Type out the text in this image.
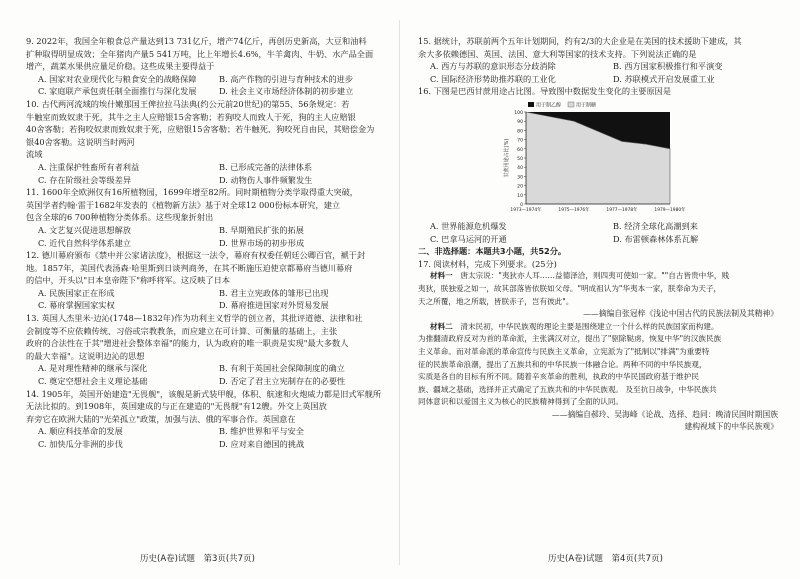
9. 2022年，我国全年粮食总产量达到13 731亿斤，增产74亿斤，再创历史新高，大豆和油料

扩种取得明显成效；全年猪肉产量5 541万吨，比上年增长4.6%，牛羊禽肉、牛奶、水产品全面

增产，蔬菜水果供应量足价稳。这些成果主要得益于

A. 国家对农业现代化与粮食安全的战略保障	B. 高产作物的引进与育种技术的进步
C. 家庭联产承包责任制全面推行与深化发展	D. 社会主义市场经济体制的初步建立

10. 古代两河流域的埃什嫩那国王俾拉拉马法典(约公元前20世纪)的第55、56条规定：若

牛触室而致奴隶于死，其牛之主人应赔银15舍客勒；若狗咬人而致人于死，狗的主人应赔银

40舍客勒；若狗咬奴隶而致奴隶于死，应赔银15舍客勒；若牛触死、狗咬死自由民，其赔偿金为银40舍客勒。这说明当时两河

流域

A. 注重保护牲畜所有者利益	B. 已形成完备的法律体系
C. 存在阶级社会等级差异	D. 动物伤人事件频繁发生

11. 1600年全欧洲仅有16所植物园，1699年增至82所。同时期植物分类学取得重大突破，

英国学者约翰·雷于1682年发表的《植物新方法》基于对全球12 000份标本研究，建立

包含全球的6 700种植物分类体系。这些现象折射出

A. 文艺复兴促进思想解放	B. 早期殖民扩张的拓展
C. 近代自然科学体系建立	D. 世界市场的初步形成

12. 德川幕府颁布《禁中并公家诸法度》，根据这一法令，幕府有权委任朝廷公卿百官，褫于封

地。1857年，美国代表汤森·哈里斯到日谈判商务，在其不断施压迫使京都幕府当德川幕府

的信中，开头以"日本皇帝陛下"称呼将军。这反映了日本

A. 民族国家正在形成	B. 君主立宪政体的雏形已出现
C. 幕府掌握国家实权	D. 幕府推进国家对外贸易发展

13. 英国人杰里米·边沁(1748—1832年)作为功利主义哲学的创立者，其批评道德、法律和社

会制度等不应依赖传统、习俗或宗教教条，而应建立在可计算、可衡量的基础上，主张

政府的合法性在于其"增进社会整体幸福"的能力，认为政府的唯一职责是实现"最大多数人

的最大幸福"。这说明边沁的思想

A. 是对理性精神的继承与深化	B. 有利于英国社会保障制度的确立
C. 奠定空想社会主义理论基础	D. 否定了君主立宪制存在的必要性

14. 1905年，英国开始建造"无畏舰"，该舰是新式装甲舰，体积、航速和火炮威力都是旧式军舰所

无法比拟的。到1908年，英国建成的与正在建造的"无畏舰"有12艘。外交上英国放

弃旁它在欧洲大陆的"光荣孤立"政策，加强与法、俄的军事合作。英国意在

A. 顺应科技革命的发展	B. 维护世界和平与安全
C. 加快瓜分非洲的步伐	D. 应对来自德国的挑战
历史(A卷)试题　第3页(共7页)

15. 据统计，苏联前两个五年计划期间，约有2/3的大企业是在美国的技术援助下建成，其

余大多依赖德国、英国、法国、意大利等国家的技术支持。下列说法正确的是

A. 西方与苏联的意识形态分歧消除	B. 西方国家积极推行和平演变
C. 国际经济形势助推苏联的工业化	D. 苏联模式开启发展重工业

16. 下图是巴西甘蔗用途占比图。导致图中数据发生变化的主要原因是

0
10
20
30
40
50
60
70
80
90
100
1973—1974年	1975—1976年	1977—1978年	1979—1980年
甘蔗用途占比(%)
用于制乙醇	用于制糖
A. 世界能源危机爆发	B. 经济全球化高潮到来
C. 巴拿马运河的开通	D. 布雷顿森林体系瓦解

二、非选择题：本题共3小题，共52分。

17. 阅读材料，完成下列要求。(25分)

材料一　 唐太宗说："夷狄亦人耳……益德泽洽，则四夷可使如一家。""自古皆贵中华，贱

夷狄，朕独爱之如一，故其部落皆依朕如父母。"明成祖认为"华夷本一家，朕奉命为天子，

天之所覆，地之所载，皆朕赤子，岂有彼此"。

——摘编自张冠梓《浅论中国古代的民族法制及其精神》

材料二　 清末民初，中华民族观的理论主要是围绕建立一个什么样的民族国家而构建。

为推翻清政府反对为首的革命派，主张满汉对立，提出了"驱除鞑虏，恢复中华"的汉族民族

主义革命。而对革命派的革命宣传与民族主义革命，立宪派为了"抵制以"排满"为重要特

征的民族革命浪潮，提出了五族共和的中华民族一体融合论。两种不同的中华民族观，

实质是各自的目标有所不同。随着辛亥革命的胜利，执政的中华民国政府基于维护民

族、疆域之基础，选择并正式确定了五族共和的中华民族观。 及至抗日战争，中华民族共

同体意识和以爱国主义为核心的民族精神得到了全面的认同。

——摘编自郝玲、吴海峰《论战、选择、趋同：晚清民国时期国族

建构视域下的中华民族观》

历史(A卷)试题　第4页(共7页)
